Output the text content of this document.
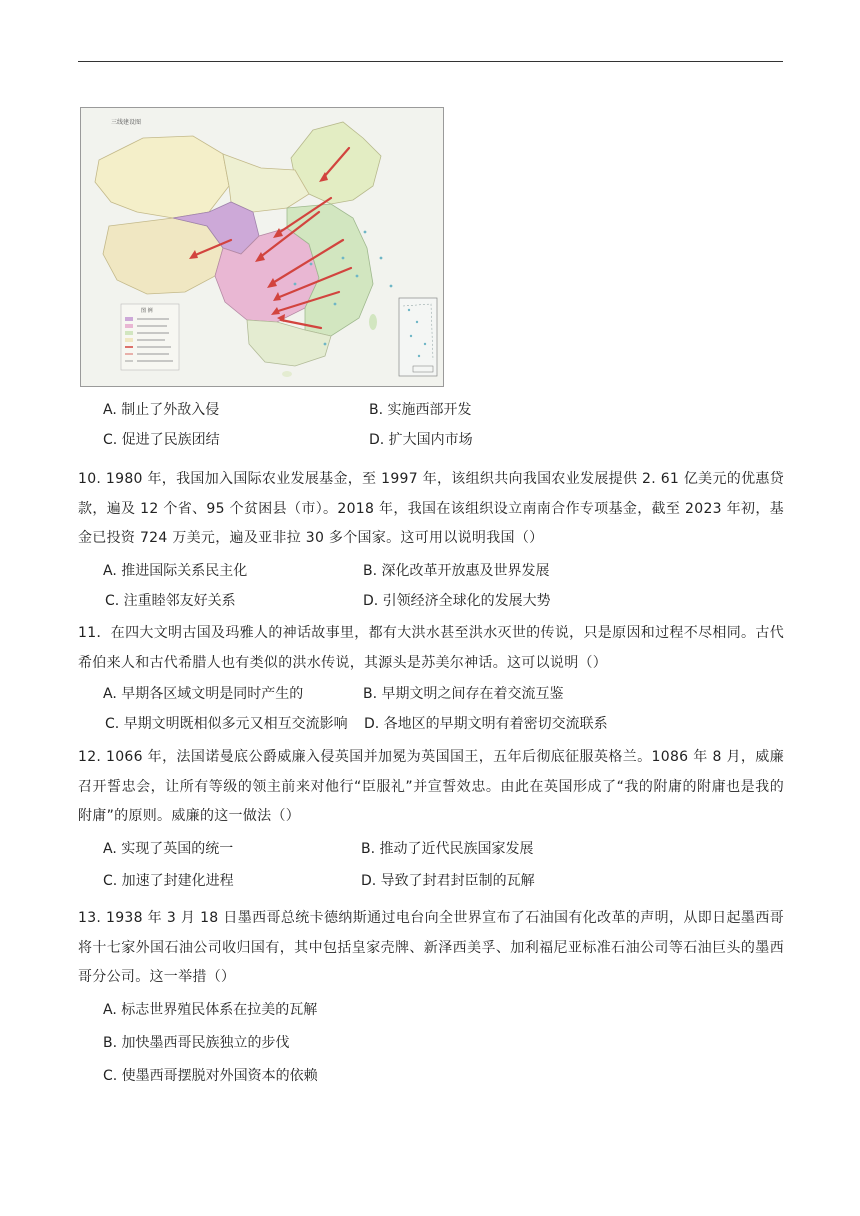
三线建设图
图 例
A. 制止了外敌入侵	B. 实施西部开发
C. 促进了民族团结	D. 扩大国内市场
10. 1980 年，我国加入国际农业发展基金，至 1997 年，该组织共向我国农业发展提供 2. 61 亿美元的优惠贷款，遍及 12 个省、95 个贫困县（市）。2018 年，我国在该组织设立南南合作专项基金，截至 2023 年初，基金已投资 724 万美元，遍及亚非拉 30 多个国家。这可用以说明我国（）
A. 推进国际关系民主化	B. 深化改革开放惠及世界发展
C. 注重睦邻友好关系	D. 引领经济全球化的发展大势
11．在四大文明古国及玛雅人的神话故事里，都有大洪水甚至洪水灭世的传说，只是原因和过程不尽相同。古代希伯来人和古代希腊人也有类似的洪水传说，其源头是苏美尔神话。这可以说明（）
A. 早期各区域文明是同时产生的	B. 早期文明之间存在着交流互鉴
C. 早期文明既相似多元又相互交流影响 D. 各地区的早期文明有着密切交流联系
12. 1066 年，法国诺曼底公爵威廉入侵英国并加冕为英国国王，五年后彻底征服英格兰。1086 年 8 月，威廉召开誓忠会，让所有等级的领主前来对他行“臣服礼”并宣誓效忠。由此在英国形成了“我的附庸的附庸也是我的附庸”的原则。威廉的这一做法（）
A. 实现了英国的统一	B. 推动了近代民族国家发展
C. 加速了封建化进程	D. 导致了封君封臣制的瓦解
13. 1938 年 3 月 18 日墨西哥总统卡德纳斯通过电台向全世界宣布了石油国有化改革的声明，从即日起墨西哥将十七家外国石油公司收归国有，其中包括皇家壳牌、新泽西美孚、加利福尼亚标准石油公司等石油巨头的墨西哥分公司。这一举措（）
A. 标志世界殖民体系在拉美的瓦解
B. 加快墨西哥民族独立的步伐
C. 使墨西哥摆脱对外国资本的依赖
